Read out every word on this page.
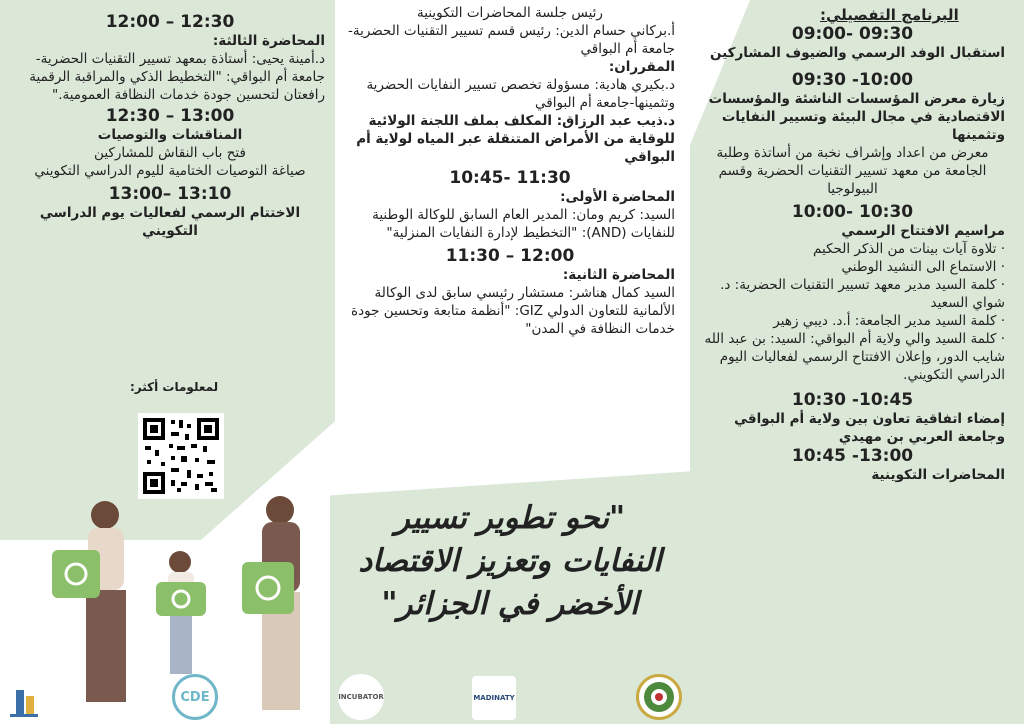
البرنامج التفصيلي:
09:30 -09:00
استقبال الوفد الرسمي والضيوف المشاركين
10:00- 09:30
زيارة معرض المؤسسات الناشئة والمؤسسات الاقتصادية في مجال البيئة وتسيير النفايات وتثمينها
معرض من اعداد وإشراف نخبة من أساتذة وطلبة الجامعة من معهد تسيير التقنيات الحضرية وقسم البيولوجيا
10:30 -10:00
مراسيم الافتتاح الرسمي
· تلاوة آيات بينات من الذكر الحكيم
· الاستماع الى النشيد الوطني
· كلمة السيد مدير معهد تسيير التقنيات الحضرية: د. شواي السعيد
· كلمة السيد مدير الجامعة: أ.د. ديبي زهير
· كلمة السيد والي ولاية أم البواقي: السيد: بن عبد الله شايب الدور، وإعلان الافتتاح الرسمي لفعاليات اليوم الدراسي التكويني.
10:45- 10:30
إمضاء اتفاقية تعاون بين ولاية أم البواقي وجامعة العربي بن مهيدي
13:00- 10:45
المحاضرات التكوينية
رئيس جلسة المحاضرات التكوينية
أ.بركاني حسام الدين: رئيس قسم تسيير التقنيات الحضرية-جامعة أم البواقي
المقرران:
د.بكيري هادية: مسؤولة تخصص تسيير النفايات الحضرية وتثمينها-جامعة أم البواقي
د.ذيب عبد الرزاق: المكلف بملف اللجنة الولائية للوقاية من الأمراض المتنقلة عبر المياه لولاية أم البواقي
11:30 -10:45
المحاضرة الأولى:
السيد: كريم ومان: المدير العام السابق للوكالة الوطنية للنفايات (AND): "التخطيط لإدارة النفايات المنزلية"
12:00 – 11:30
المحاضرة الثانية:
السيد كمال هناشر: مستشار رئيسي سابق لدى الوكالة الألمانية للتعاون الدولي GIZ: "أنظمة متابعة وتحسين جودة خدمات النظافة في المدن"
"نحو تطوير تسيير النفايات وتعزيز الاقتصاد الأخضر في الجزائر"
12:30 – 12:00
المحاضرة الثالثة:
د.أمينة يحيى: أستاذة بمعهد تسيير التقنيات الحضرية-جامعة أم البواقي: "التخطيط الذكي والمراقبة الرقمية رافعتان لتحسين جودة خدمات النظافة العمومية."
13:00 – 12:30
المناقشات والتوصيات
فتح باب النقاش للمشاركين
صياغة التوصيات الختامية لليوم الدراسي التكويني
13:10 –13:00
الاختتام الرسمي لفعاليات يوم الدراسي التكويني
لمعلومات أكثر:
CDE	INCUBATOR	MADINATY
